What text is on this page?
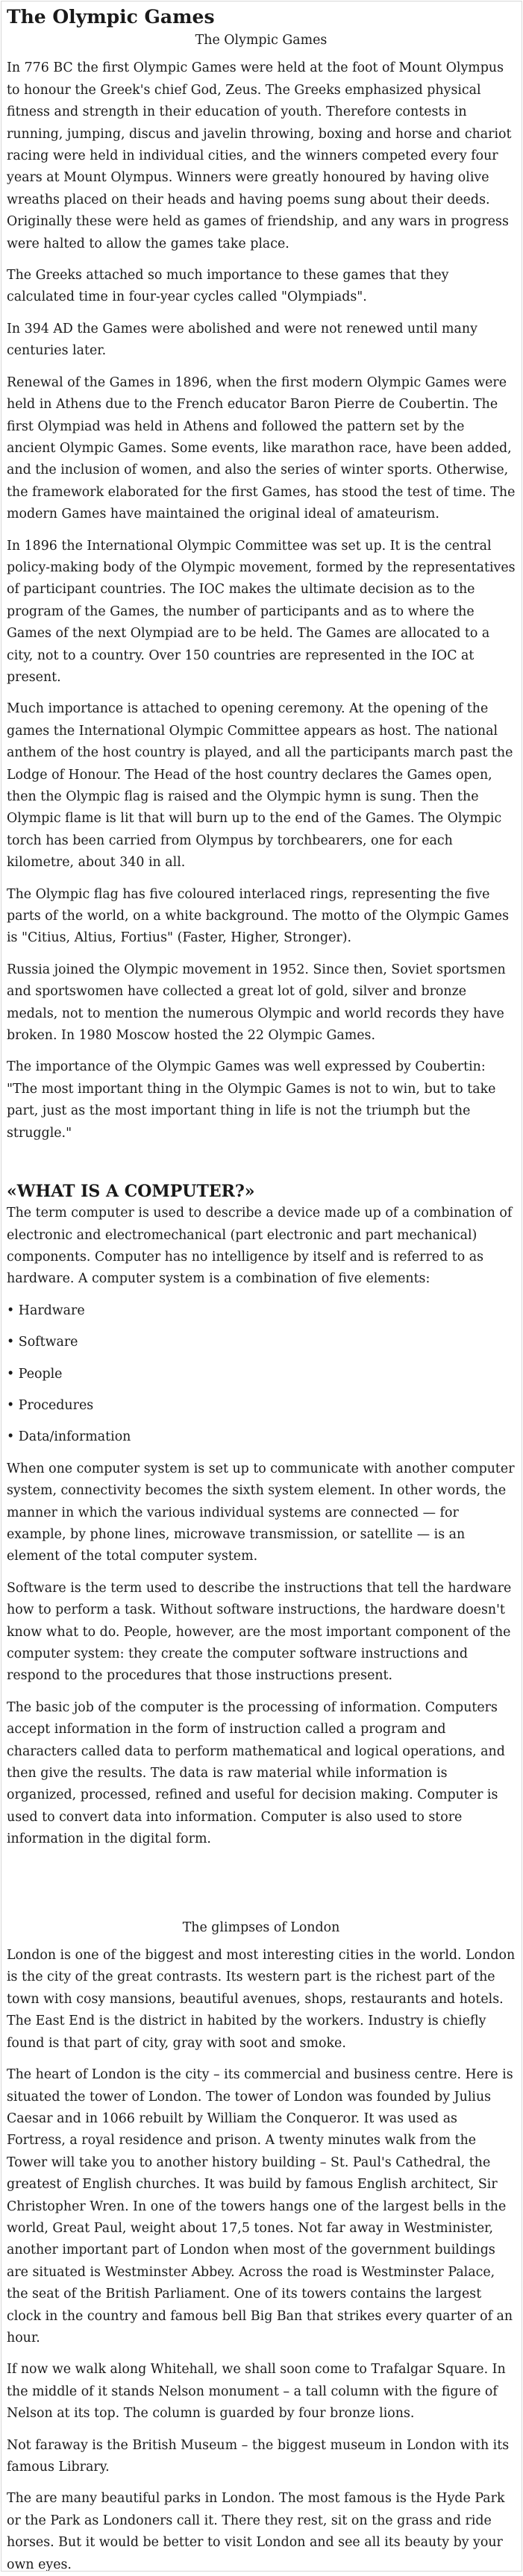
The Olympic Games
The Olympic Games

In 776 BC the first Olympic Games were held at the foot of Mount Olympus to honour the Greek's chief God, Zeus. The Greeks emphasized physical fitness and strength in their education of youth. Therefore contests in running, jumping, discus and javelin throwing, boxing and horse and chariot racing were held in individual cities, and the winners competed every four years at Mount Olympus. Winners were greatly honoured by having olive wreaths placed on their heads and having poems sung about their deeds. Originally these were held as games of friendship, and any wars in progress were halted to allow the games take place.

The Greeks attached so much importance to these games that they calculated time in four-year cycles called "Olympiads".

In 394 AD the Games were abolished and were not renewed until many centuries later.

Renewal of the Games in 1896, when the first modern Olympic Games were held in Athens due to the French educator Baron Pierre de Coubertin. The first Olympiad was held in Athens and followed the pattern set by the ancient Olympic Games. Some events, like marathon race, have been added, and the inclusion of women, and also the series of winter sports. Otherwise, the framework elaborated for the first Games, has stood the test of time. The modern Games have maintained the original ideal of amateurism.

In 1896 the International Olympic Committee was set up. It is the central policy-making body of the Olympic movement, formed by the representatives of participant countries. The IOC makes the ultimate decision as to the program of the Games, the number of participants and as to where the Games of the next Olympiad are to be held. The Games are allocated to a city, not to a country. Over 150 countries are represented in the IOC at present.

Much importance is attached to opening ceremony. At the opening of the games the International Olympic Committee appears as host. The national anthem of the host country is played, and all the participants march past the Lodge of Honour. The Head of the host country declares the Games open, then the Olympic flag is raised and the Olympic hymn is sung. Then the Olympic flame is lit that will burn up to the end of the Games. The Olympic torch has been carried from Olympus by torchbearers, one for each kilometre, about 340 in all.

The Olympic flag has five coloured interlaced rings, representing the five parts of the world, on a white background. The motto of the Olympic Games is "Citius, Altius, Fortius" (Faster, Higher, Stronger).

Russia joined the Olympic movement in 1952. Since then, Soviet sportsmen and sportswomen have collected a great lot of gold, silver and bronze medals, not to mention the numerous Olympic and world records they have broken. In 1980 Moscow hosted the 22 Olympic Games.

The importance of the Olympic Games was well expressed by Coubertin: "The most important thing in the Olympic Games is not to win, but to take part, just as the most important thing in life is not the triumph but the struggle."

«WHAT IS A COMPUTER?»

The term computer is used to describe a device made up of a combination of electronic and electromechanical (part electronic and part mechanical) components. Computer has no intelligence by itself and is referred to as hardware. A computer system is a combination of five elements:

• Hardware

• Software

• People

• Procedures

• Data/information

When one computer system is set up to communicate with another computer system, connectivity becomes the sixth system element. In other words, the manner in which the various individual systems are connected — for example, by phone lines, microwave transmission, or satellite — is an element of the total computer system.

Software is the term used to describe the instructions that tell the hardware how to perform a task. Without software instructions, the hardware doesn't know what to do. People, however, are the most important component of the computer system: they create the computer software instructions and respond to the procedures that those instructions present.

The basic job of the computer is the processing of information. Computers accept information in the form of instruction called a program and characters called data to perform mathematical and logical operations, and then give the results. The data is raw material while information is organized, processed, refined and useful for decision making. Computer is used to convert data into information. Computer is also used to store information in the digital form.

The glimpses of London

London is one of the biggest and most interesting cities in the world. London is the city of the great contrasts. Its western part is the richest part of the town with cosy mansions, beautiful avenues, shops, restaurants and hotels. The East End is the district in habited by the workers. Industry is chiefly found is that part of city, gray with soot and smoke.

The heart of London is the city – its commercial and business centre. Here is situated the tower of London. The tower of London was founded by Julius Caesar and in 1066 rebuilt by William the Conqueror. It was used as Fortress, a royal residence and prison. A twenty minutes walk from the Tower will take you to another history building – St. Paul's Cathedral, the greatest of English churches. It was build by famous English architect, Sir Christopher Wren. In one of the towers hangs one of the largest bells in the world, Great Paul, weight about 17,5 tones. Not far away in Westminister, another important part of London when most of the government buildings are situated is Westminster Abbey. Across the road is Westminster Palace, the seat of the British Parliament. One of its towers contains the largest clock in the country and famous bell Big Ban that strikes every quarter of an hour.

If now we walk along Whitehall, we shall soon come to Trafalgar Square. In the middle of it stands Nelson monument – a tall column with the figure of Nelson at its top. The column is guarded by four bronze lions.

Not faraway is the British Museum – the biggest museum in London with its famous Library.

The are many beautiful parks in London. The most famous is the Hyde Park or the Park as Londoners call it. There they rest, sit on the grass and ride horses. But it would be better to visit London and see all its beauty by your own eyes.
